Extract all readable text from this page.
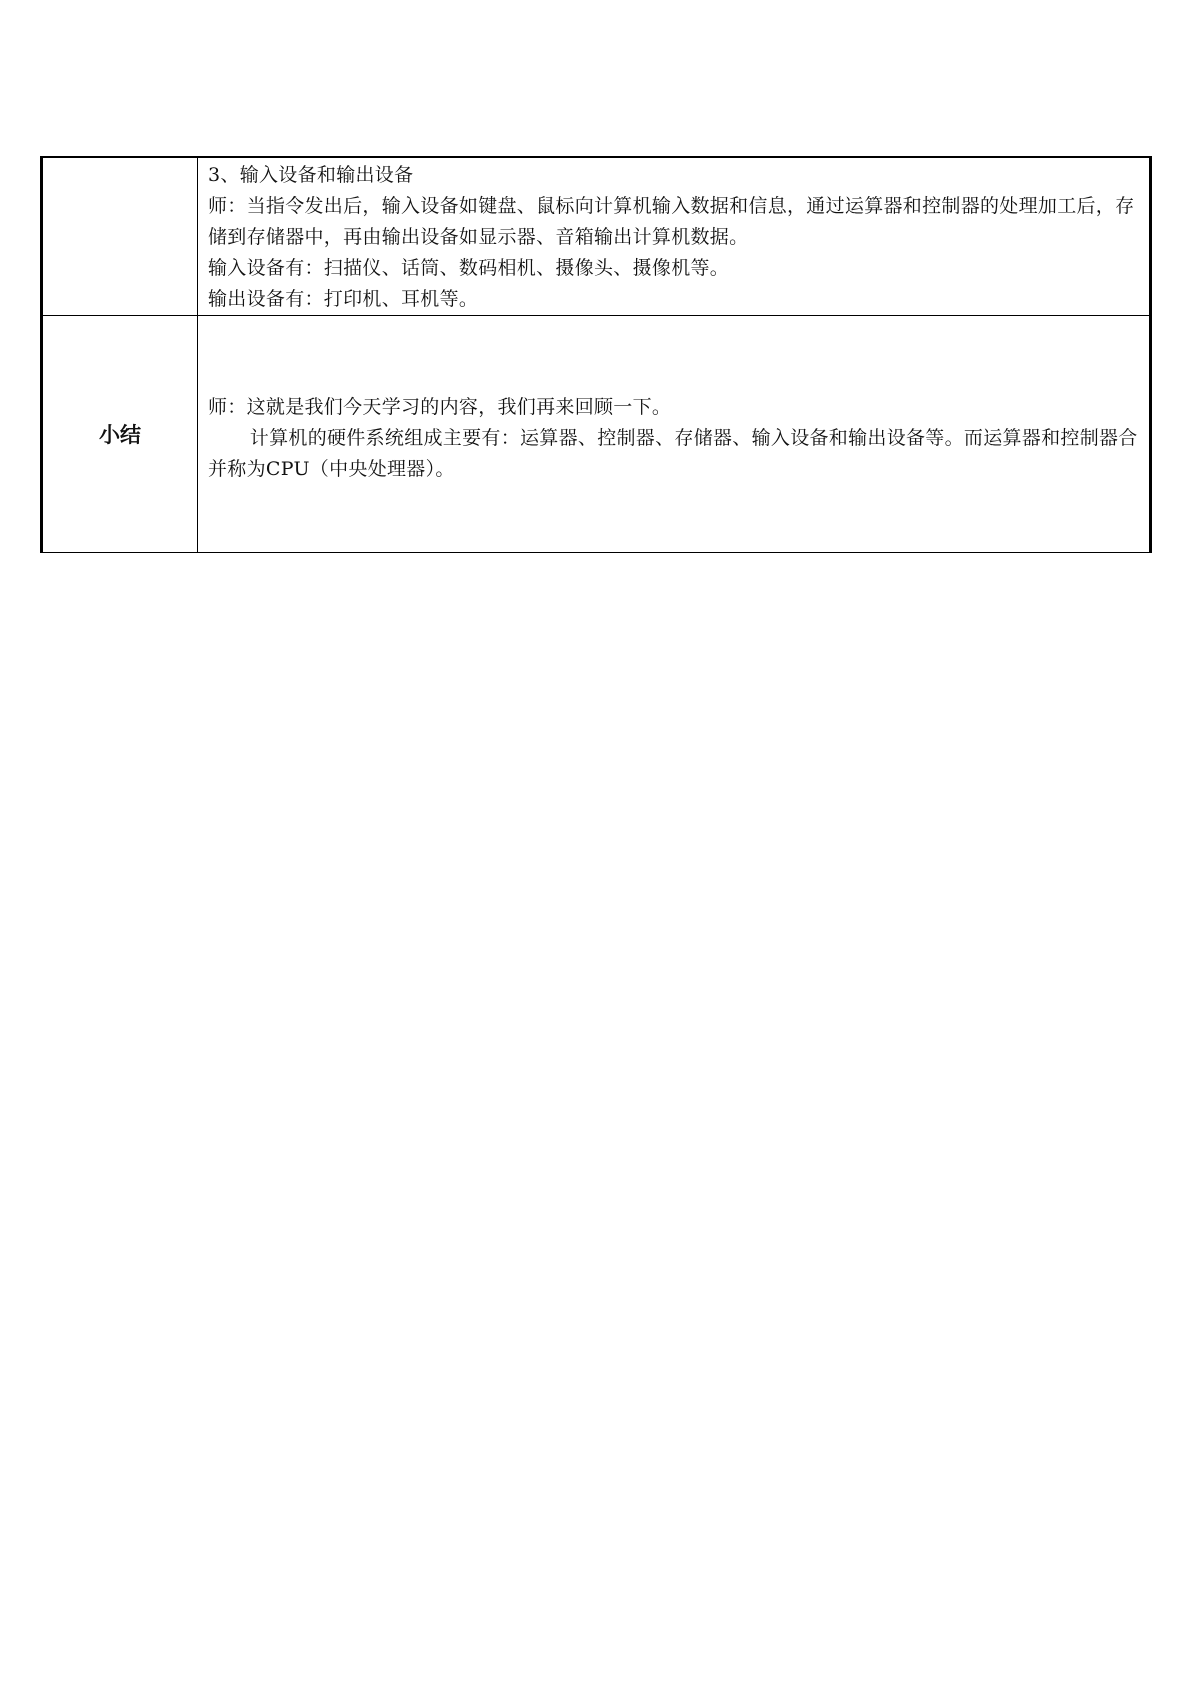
	3、输入设备和输出设备

师：当指令发出后，输入设备如键盘、鼠标向计算机输入数据和信息，通过运算器和控制器的处理加工后，存储到存储器中，再由输出设备如显示器、音箱输出计算机数据。

输入设备有：扫描仪、话筒、数码相机、摄像头、摄像机等。

输出设备有：打印机、耳机等。

小结	师：这就是我们今天学习的内容，我们再来回顾一下。

计算机的硬件系统组成主要有：运算器、控制器、存储器、输入设备和输出设备等。而运算器和控制器合并称为CPU（中央处理器）。
